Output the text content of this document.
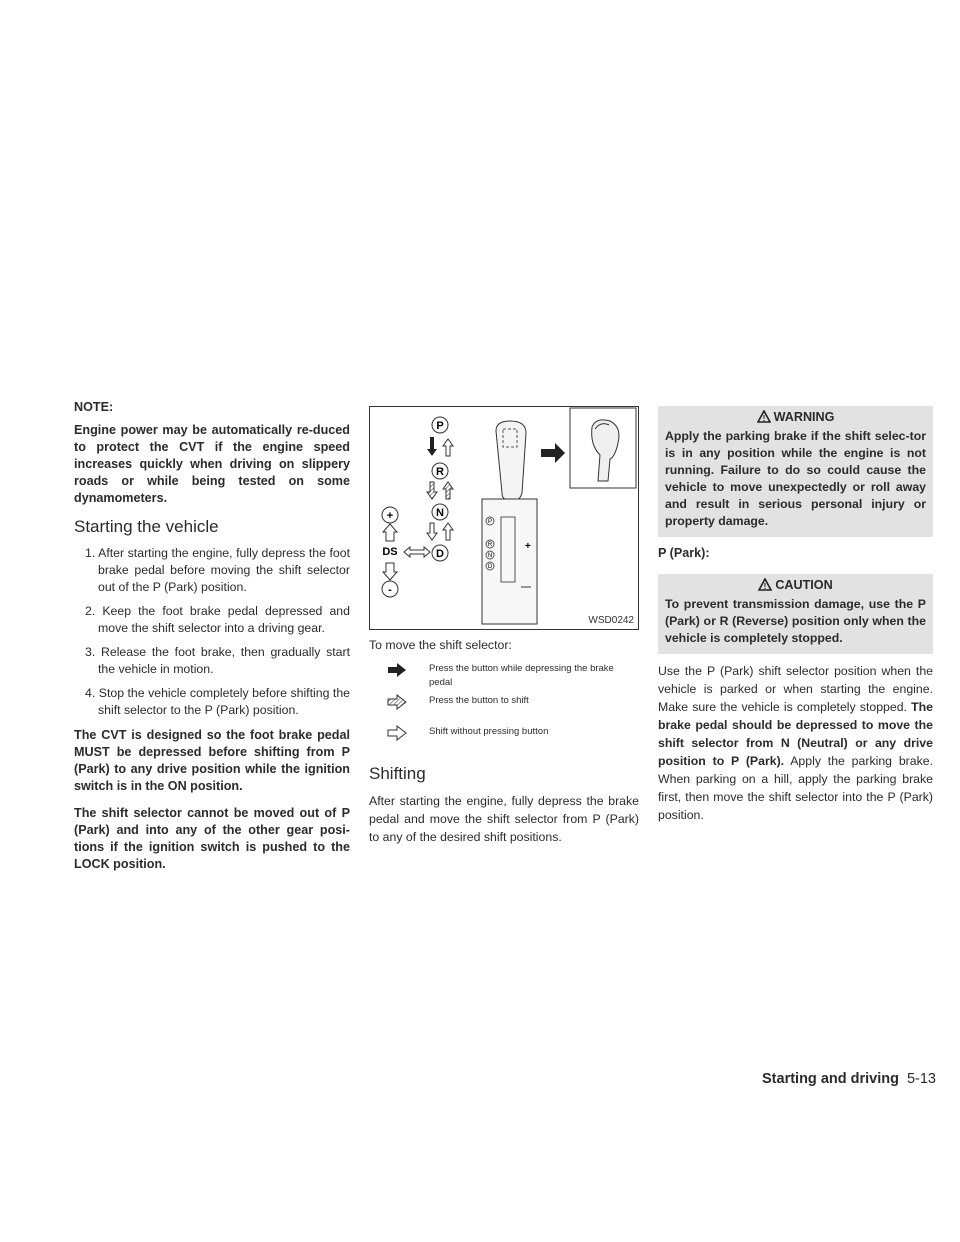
NOTE:

Engine power may be automatically re-duced to protect the CVT if the engine speed increases quickly when driving on slippery roads or while being tested on some dynamometers.

Starting the vehicle
1. After starting the engine, fully depress the foot brake pedal before moving the shift selector out of the P (Park) position.
2. Keep the foot brake pedal depressed and move the shift selector into a driving gear.
3. Release the foot brake, then gradually start the vehicle in motion.
4. Stop the vehicle completely before shifting the shift selector to the P (Park) position.

The CVT is designed so the foot brake pedal MUST be depressed before shifting from P (Park) to any drive position while the ignition switch is in the ON position.

The shift selector cannot be moved out of P (Park) and into any of the other gear posi-tions if the ignition switch is pushed to the LOCK position.

P
R
N
D
+
-
DS
P
R
N
D
+
WSD0242

To move the shift selector:

Press the button while depressing the brake pedal
Press the button to shift
Shift without pressing button
Shifting

After starting the engine, fully depress the brake pedal and move the shift selector from P (Park) to any of the desired shift positions.

! WARNING

Apply the parking brake if the shift selec-tor is in any position while the engine is not running. Failure to do so could cause the vehicle to move unexpectedly or roll away and result in serious personal injury or property damage.

P (Park):

! CAUTION

To prevent transmission damage, use the P (Park) or R (Reverse) position only when the vehicle is completely stopped.

Use the P (Park) shift selector position when the vehicle is parked or when starting the engine. Make sure the vehicle is completely stopped. The brake pedal should be depressed to move the shift selector from N (Neutral) or any drive position to P (Park). Apply the parking brake. When parking on a hill, apply the parking brake first, then move the shift selector into the P (Park) position.

Starting and driving 5-13
